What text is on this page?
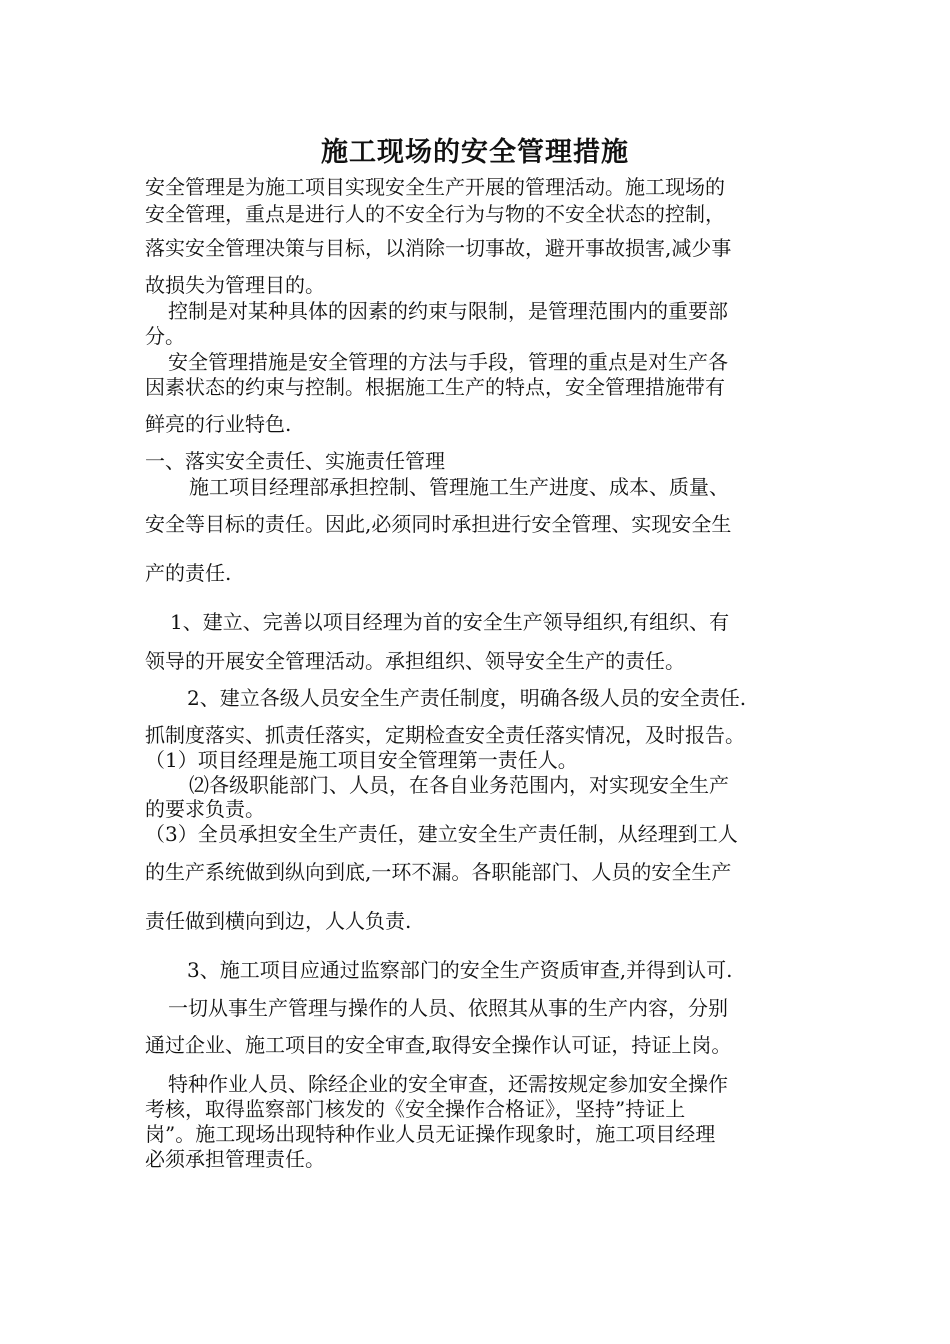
施工现场的安全管理措施
安全管理是为施工项目实现安全生产开展的管理活动。施工现场的
安全管理，重点是进行人的不安全行为与物的不安全状态的控制，
落实安全管理决策与目标，以消除一切事故，避开事故损害,减少事
故损失为管理目的。
控制是对某种具体的因素的约束与限制，是管理范围内的重要部
分。
安全管理措施是安全管理的方法与手段，管理的重点是对生产各
因素状态的约束与控制。根据施工生产的特点，安全管理措施带有
鲜亮的行业特色.
一、落实安全责任、实施责任管理
施工项目经理部承担控制、管理施工生产进度、成本、质量、
安全等目标的责任。因此,必须同时承担进行安全管理、实现安全生
产的责任.
1、建立、完善以项目经理为首的安全生产领导组织,有组织、有
领导的开展安全管理活动。承担组织、领导安全生产的责任。
2、建立各级人员安全生产责任制度，明确各级人员的安全责任.
抓制度落实、抓责任落实，定期检查安全责任落实情况，及时报告。
（1）项目经理是施工项目安全管理第一责任人。
⑵各级职能部门、人员，在各自业务范围内，对实现安全生产
的要求负责。
（3）全员承担安全生产责任，建立安全生产责任制，从经理到工人
的生产系统做到纵向到底,一环不漏。各职能部门、人员的安全生产
责任做到横向到边，人人负责.
3、施工项目应通过监察部门的安全生产资质审查,并得到认可.
一切从事生产管理与操作的人员、依照其从事的生产内容，分别
通过企业、施工项目的安全审查,取得安全操作认可证，持证上岗。
特种作业人员、除经企业的安全审查，还需按规定参加安全操作
考核，取得监察部门核发的《安全操作合格证》，坚持”持证上
岗”。施工现场出现特种作业人员无证操作现象时，施工项目经理
必须承担管理责任。
